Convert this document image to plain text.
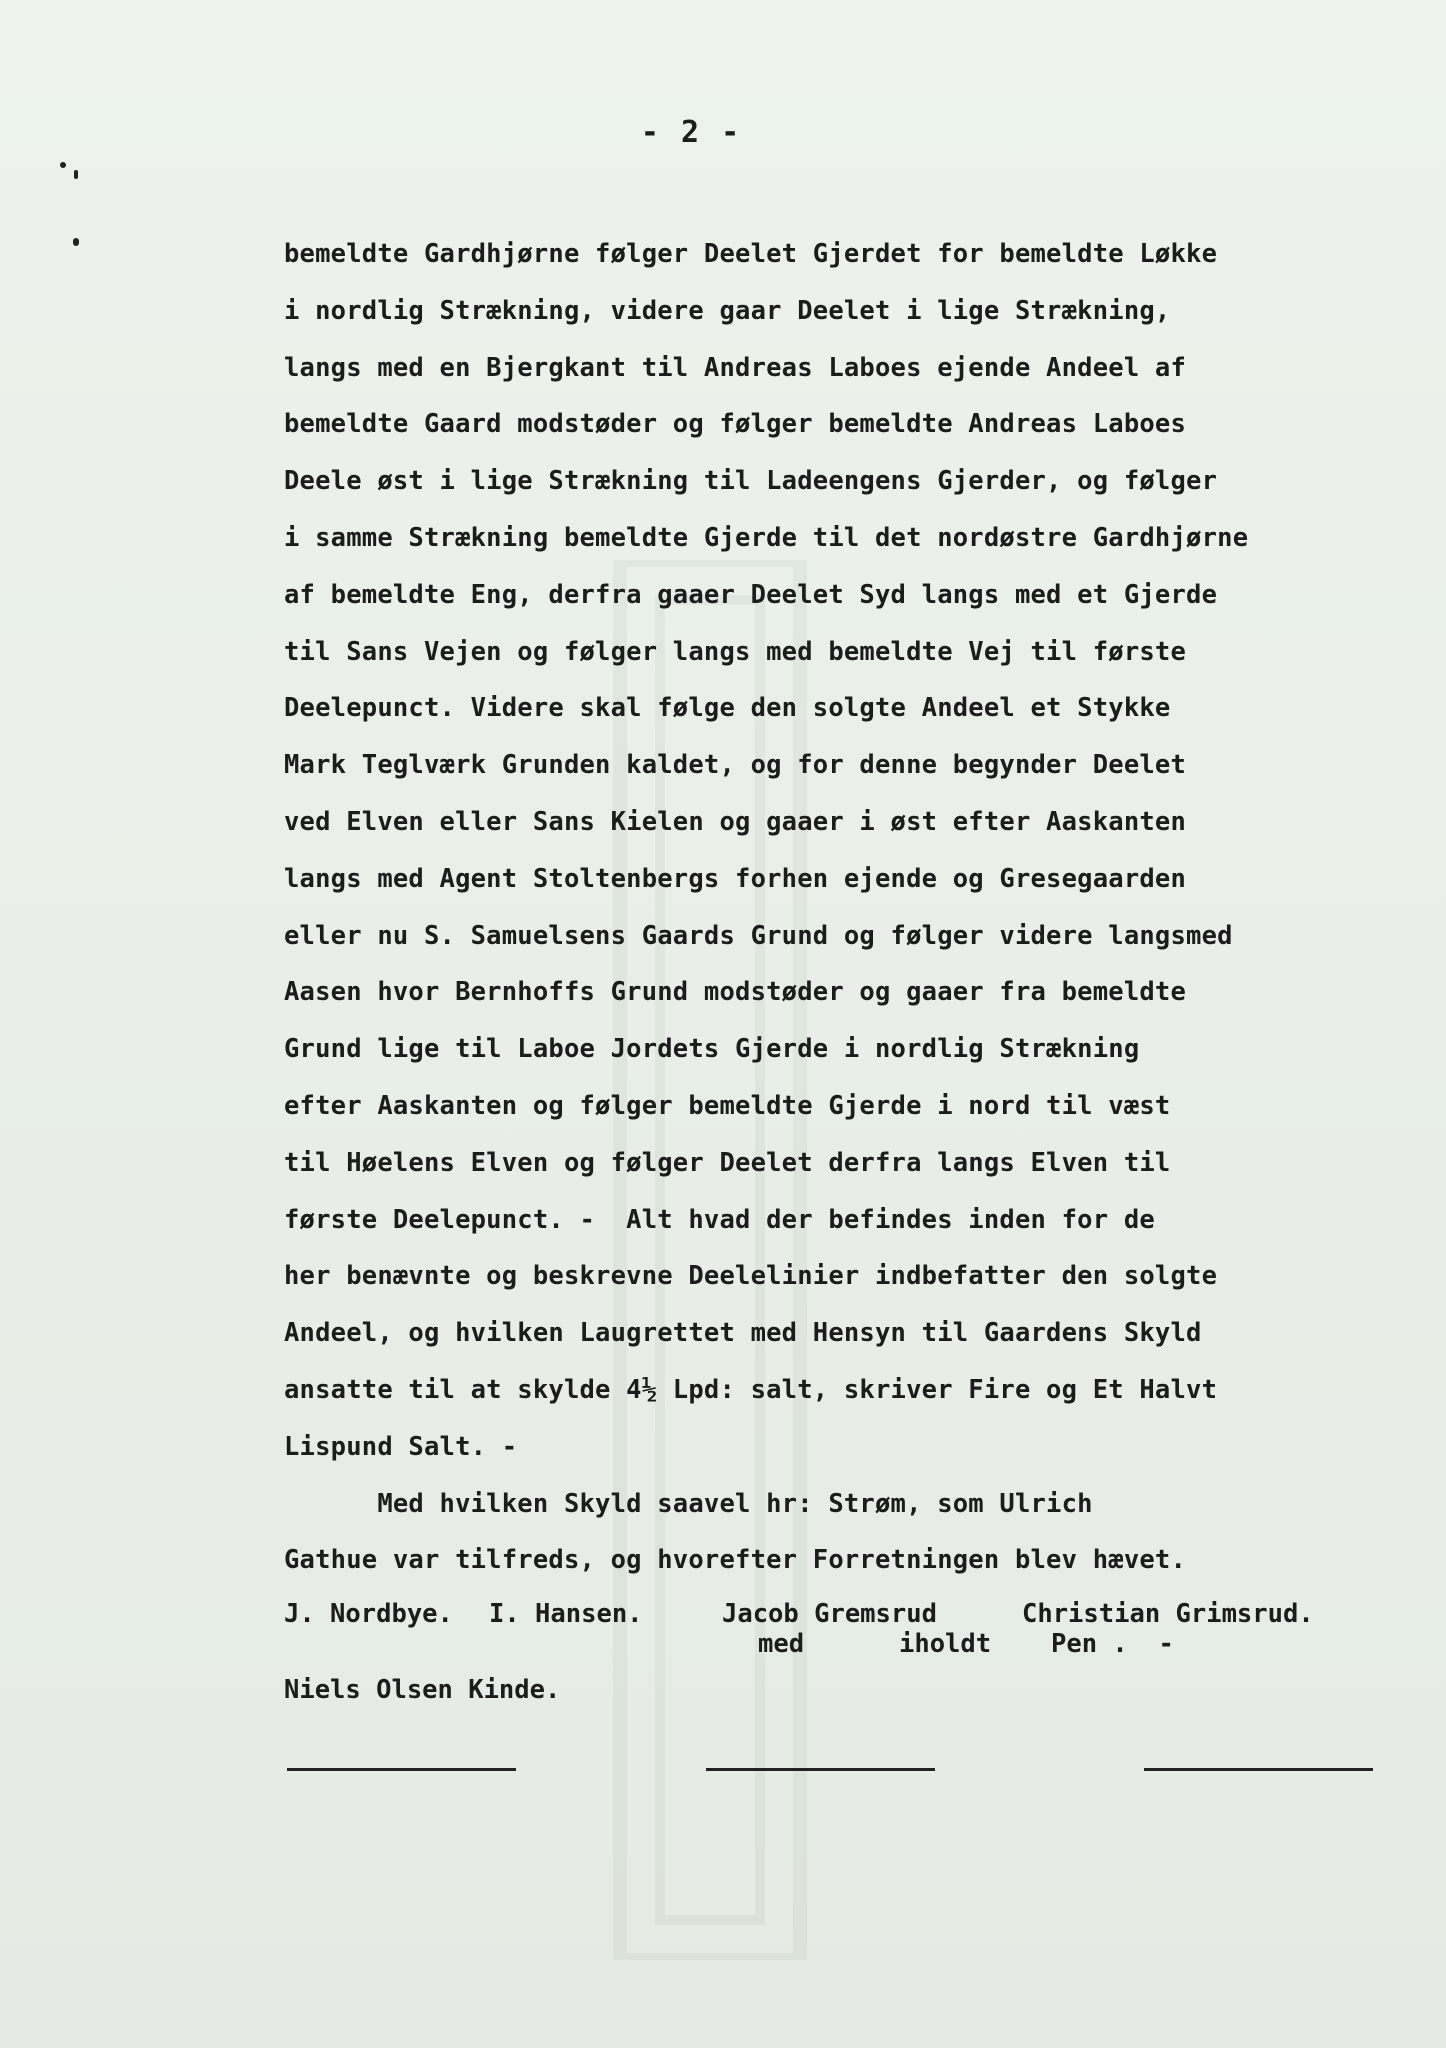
- 2 -
bemeldte Gardhjørne følger Deelet Gjerdet for bemeldte Løkke
i nordlig Strækning, videre gaar Deelet i lige Strækning,
langs med en Bjergkant til Andreas Laboes ejende Andeel af
bemeldte Gaard modstøder og følger bemeldte Andreas Laboes
Deele øst i lige Strækning til Ladeengens Gjerder, og følger
i samme Strækning bemeldte Gjerde til det nordøstre Gardhjørne
af bemeldte Eng, derfra gaaer Deelet Syd langs med et Gjerde
til Sans Vejen og følger langs med bemeldte Vej til første
Deelepunct. Videre skal følge den solgte Andeel et Stykke
Mark Teglværk Grunden kaldet, og for denne begynder Deelet
ved Elven eller Sans Kielen og gaaer i øst efter Aaskanten
langs med Agent Stoltenbergs forhen ejende og Gresegaarden
eller nu S. Samuelsens Gaards Grund og følger videre langsmed
Aasen hvor Bernhoffs Grund modstøder og gaaer fra bemeldte
Grund lige til Laboe Jordets Gjerde i nordlig Strækning
efter Aaskanten og følger bemeldte Gjerde i nord til væst
til Høelens Elven og følger Deelet derfra langs Elven til
første Deelepunct. -  Alt hvad der befindes inden for de
her benævnte og beskrevne Deelelinier indbefatter den solgte
Andeel, og hvilken Laugrettet med Hensyn til Gaardens Skyld
ansatte til at skylde 4½ Lpd: salt, skriver Fire og Et Halvt
Lispund Salt. -
Med hvilken Skyld saavel hr: Strøm, som Ulrich
Gathue var tilfreds, og hvorefter Forretningen blev hævet.

J. Nordbye.

I. Hansen.

	Jacob Gremsrud

	Christian Grimsrud.

med

	iholdt

Pen .  -

Niels Olsen Kinde.
